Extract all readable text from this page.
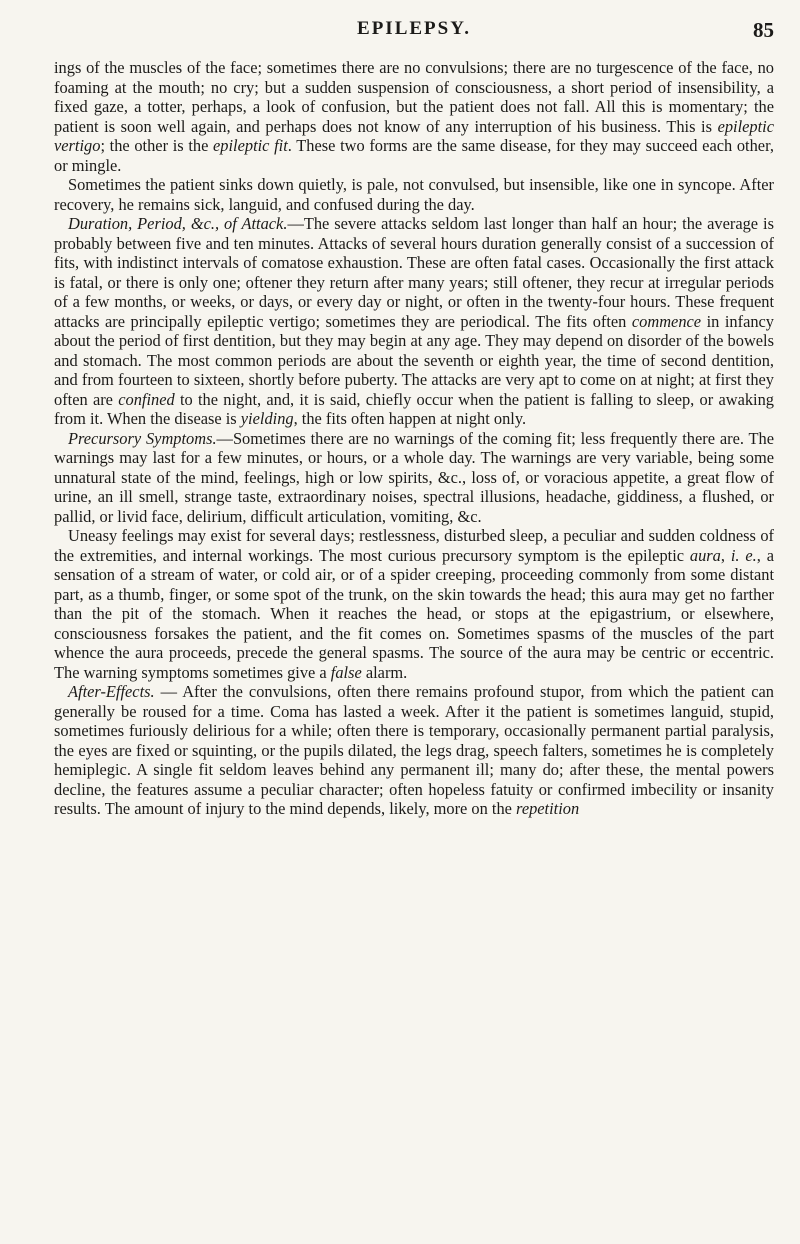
EPILEPSY.	85

ings of the muscles of the face; sometimes there are no convulsions; there are no turgescence of the face, no foaming at the mouth; no cry; but a sudden suspension of consciousness, a short period of insensibility, a fixed gaze, a totter, perhaps, a look of confusion, but the patient does not fall. All this is momentary; the patient is soon well again, and perhaps does not know of any interruption of his business. This is epileptic vertigo; the other is the epileptic fit. These two forms are the same disease, for they may succeed each other, or mingle.

Sometimes the patient sinks down quietly, is pale, not convulsed, but insensible, like one in syncope. After recovery, he remains sick, languid, and confused during the day.

Duration, Period, &c., of Attack.—The severe attacks seldom last longer than half an hour; the average is probably between five and ten minutes. Attacks of several hours duration generally consist of a succession of fits, with indistinct intervals of comatose exhaustion. These are often fatal cases. Occasionally the first attack is fatal, or there is only one; oftener they return after many years; still oftener, they recur at irregular periods of a few months, or weeks, or days, or every day or night, or often in the twenty-four hours. These frequent attacks are principally epileptic vertigo; sometimes they are periodical. The fits often commence in infancy about the period of first dentition, but they may begin at any age. They may depend on disorder of the bowels and stomach. The most common periods are about the seventh or eighth year, the time of second dentition, and from fourteen to sixteen, shortly before puberty. The attacks are very apt to come on at night; at first they often are confined to the night, and, it is said, chiefly occur when the patient is falling to sleep, or awaking from it. When the disease is yielding, the fits often happen at night only.

Precursory Symptoms.—Sometimes there are no warnings of the coming fit; less frequently there are. The warnings may last for a few minutes, or hours, or a whole day. The warnings are very variable, being some unnatural state of the mind, feelings, high or low spirits, &c., loss of, or voracious appetite, a great flow of urine, an ill smell, strange taste, extraordinary noises, spectral illusions, headache, giddiness, a flushed, or pallid, or livid face, delirium, difficult articulation, vomiting, &c.

Uneasy feelings may exist for several days; restlessness, disturbed sleep, a peculiar and sudden coldness of the extremities, and internal workings. The most curious precursory symptom is the epileptic aura, i. e., a sensation of a stream of water, or cold air, or of a spider creeping, proceeding commonly from some distant part, as a thumb, finger, or some spot of the trunk, on the skin towards the head; this aura may get no farther than the pit of the stomach. When it reaches the head, or stops at the epigastrium, or elsewhere, consciousness forsakes the patient, and the fit comes on. Sometimes spasms of the muscles of the part whence the aura proceeds, precede the general spasms. The source of the aura may be centric or eccentric. The warning symptoms sometimes give a false alarm.

After-Effects. — After the convulsions, often there remains profound stupor, from which the patient can generally be roused for a time. Coma has lasted a week. After it the patient is sometimes languid, stupid, sometimes furiously delirious for a while; often there is temporary, occasionally permanent partial paralysis, the eyes are fixed or squinting, or the pupils dilated, the legs drag, speech falters, sometimes he is completely hemiplegic. A single fit seldom leaves behind any permanent ill; many do; after these, the mental powers decline, the features assume a peculiar character; often hopeless fatuity or confirmed imbecility or insanity results. The amount of injury to the mind depends, likely, more on the repetition
